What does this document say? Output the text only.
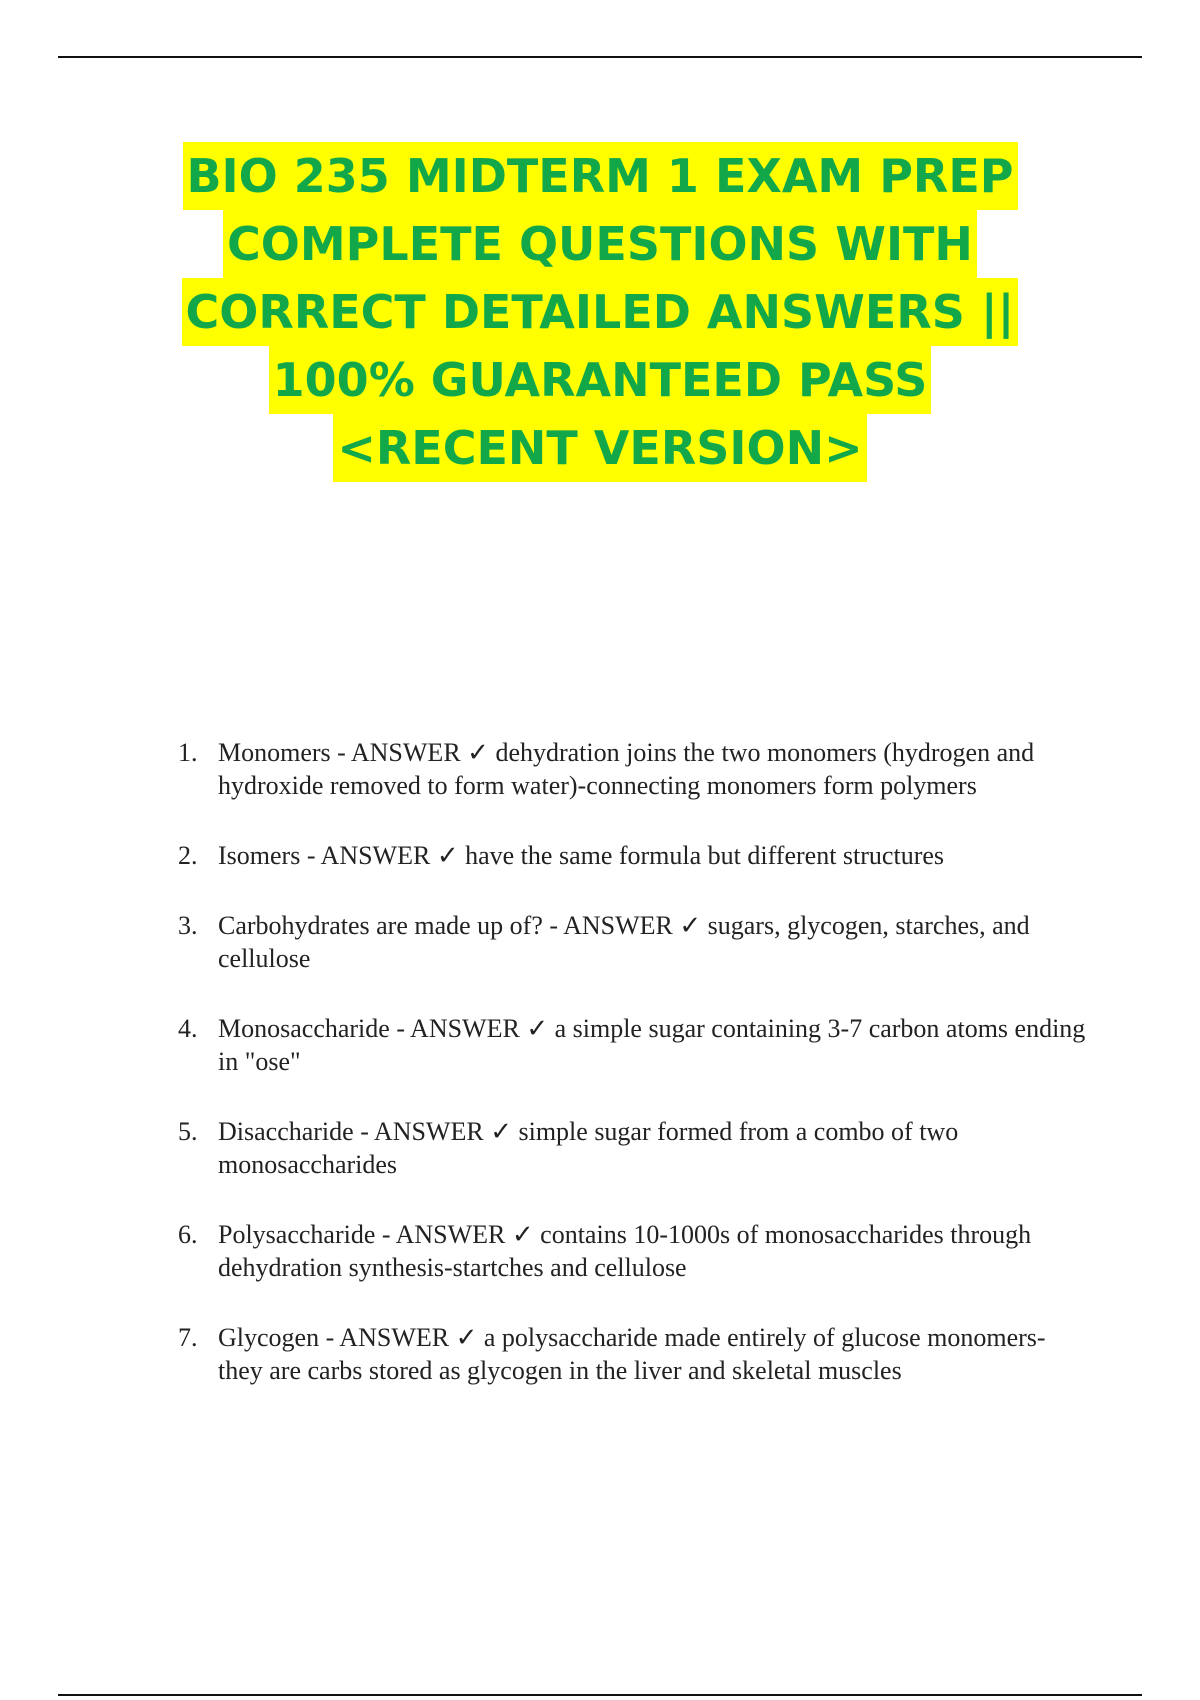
BIO 235 MIDTERM 1 EXAM PREP
COMPLETE QUESTIONS WITH
CORRECT DETAILED ANSWERS ||
100% GUARANTEED PASS
<RECENT VERSION>
1. Monomers - ANSWER ✓ dehydration joins the two monomers (hydrogen and hydroxide removed to form water)-connecting monomers form polymers
2. Isomers - ANSWER ✓ have the same formula but different structures
3. Carbohydrates are made up of? - ANSWER ✓ sugars, glycogen, starches, and cellulose
4. Monosaccharide - ANSWER ✓ a simple sugar containing 3-7 carbon atoms ending in "ose"
5. Disaccharide - ANSWER ✓ simple sugar formed from a combo of two monosaccharides
6. Polysaccharide - ANSWER ✓ contains 10-1000s of monosaccharides through dehydration synthesis-startches and cellulose
7. Glycogen - ANSWER ✓ a polysaccharide made entirely of glucose monomers- they are carbs stored as glycogen in the liver and skeletal muscles
